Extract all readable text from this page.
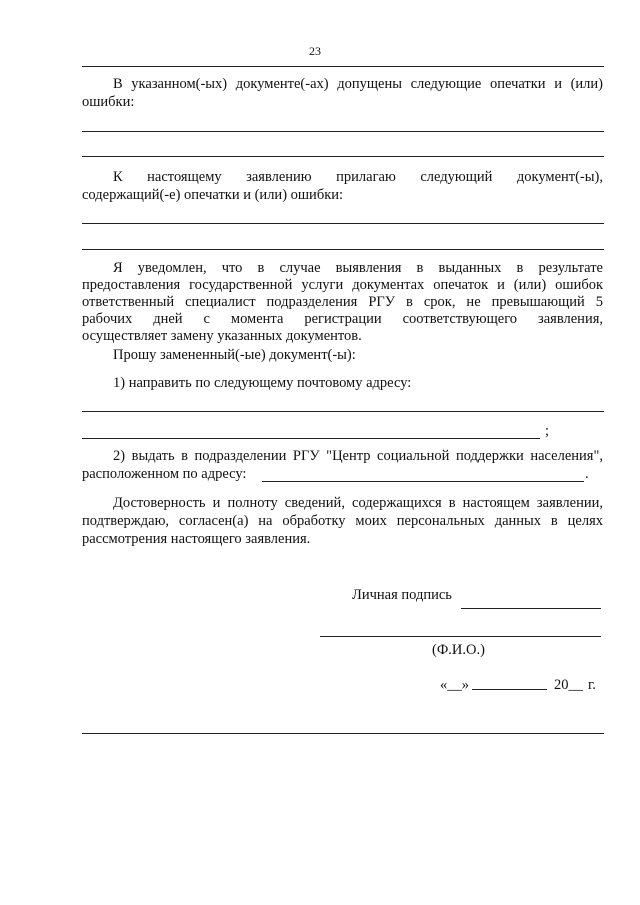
23
В указанном(-ых) документе(-ах) допущены следующие опечатки и (или)
ошибки:
К настоящему заявлению прилагаю следующий документ(-ы),
содержащий(-е) опечатки и (или) ошибки:
Я уведомлен, что в случае выявления в выданных в результате
предоставления государственной услуги документах опечаток и (или) ошибок
ответственный специалист подразделения РГУ в срок, не превышающий 5
рабочих дней с момента регистрации соответствующего заявления,
осуществляет замену указанных документов.
Прошу замененный(-ые) документ(-ы):
1) направить по следующему почтовому адресу:
;
2) выдать в подразделении РГУ "Центр социальной поддержки населения",
расположенном по адресу:	.
Достоверность и полноту сведений, содержащихся в настоящем заявлении,
подтверждаю, согласен(а) на обработку моих персональных данных в целях
рассмотрения настоящего заявления.
Личная подпись
(Ф.И.О.)
«__»	20__ г.
